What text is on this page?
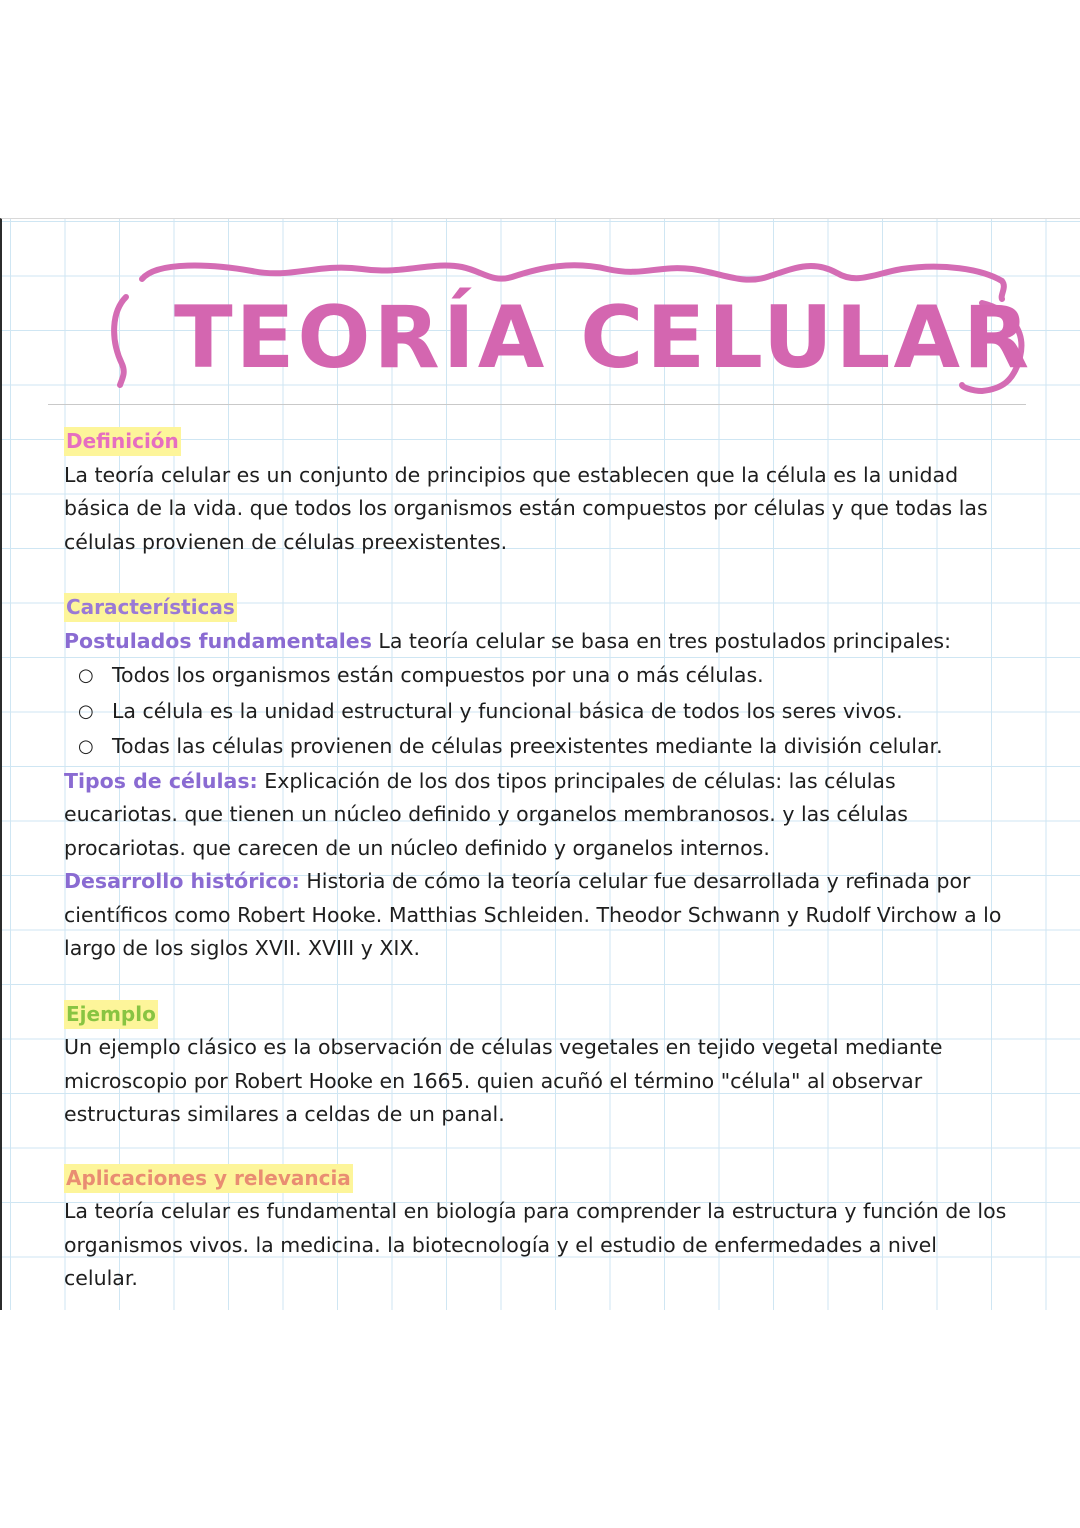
TEORÍA CELULAR
Definición

La teoría celular es un conjunto de principios que establecen que la célula es la unidad básica de la vida. que todos los organismos están compuestos por células y que todas las células provienen de células preexistentes.

Características

Postulados fundamentales La teoría celular se basa en tres postulados principales:

○ Todos los organismos están compuestos por una o más células.
○ La célula es la unidad estructural y funcional básica de todos los seres vivos.
○ Todas las células provienen de células preexistentes mediante la división celular.

Tipos de células: Explicación de los dos tipos principales de células: las células eucariotas. que tienen un núcleo definido y organelos membranosos. y las células procariotas. que carecen de un núcleo definido y organelos internos.

Desarrollo histórico: Historia de cómo la teoría celular fue desarrollada y refinada por científicos como Robert Hooke. Matthias Schleiden. Theodor Schwann y Rudolf Virchow a lo largo de los siglos XVII. XVIII y XIX.

Ejemplo

Un ejemplo clásico es la observación de células vegetales en tejido vegetal mediante microscopio por Robert Hooke en 1665. quien acuñó el término "célula" al observar estructuras similares a celdas de un panal.

Aplicaciones y relevancia

La teoría celular es fundamental en biología para comprender la estructura y función de los organismos vivos. la medicina. la biotecnología y el estudio de enfermedades a nivel celular.
